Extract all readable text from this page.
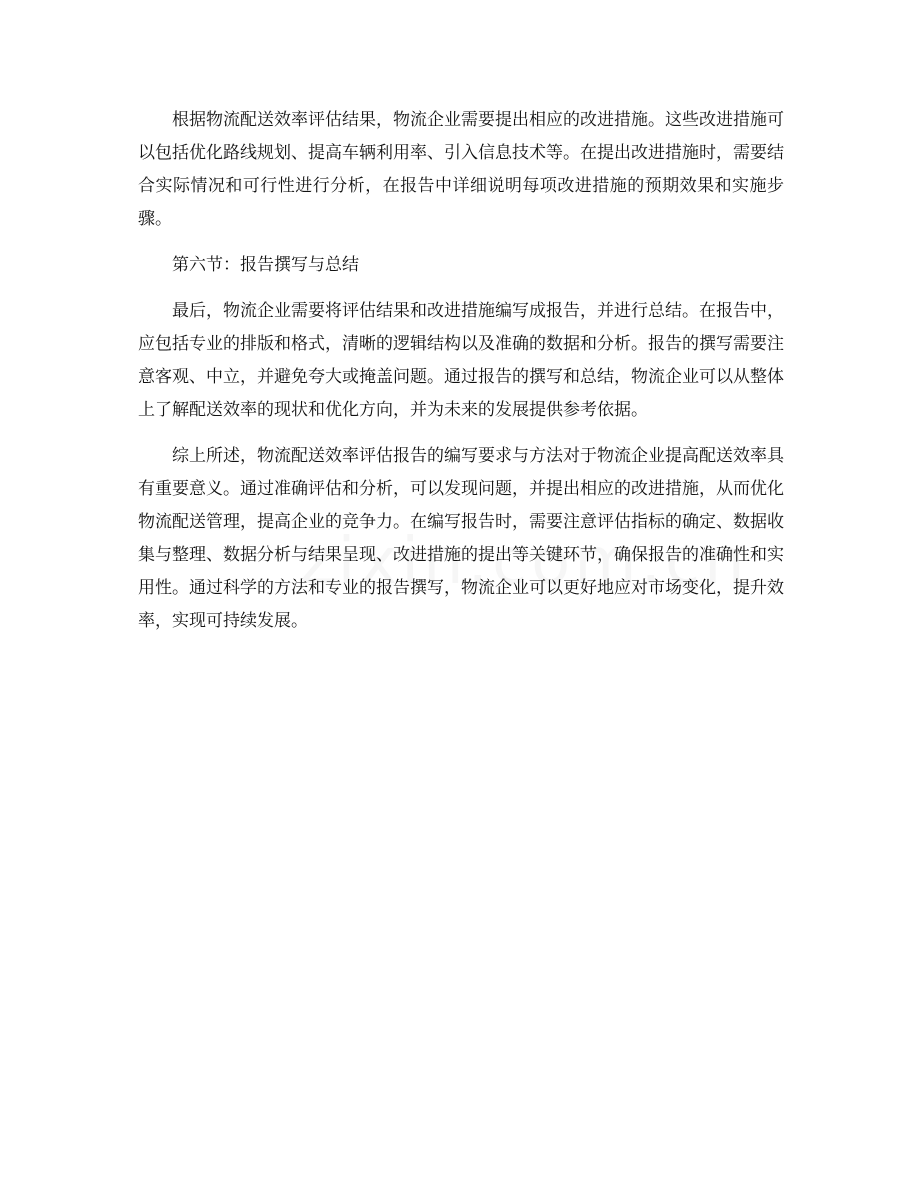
根据物流配送效率评估结果，物流企业需要提出相应的改进措施。这些改进措施可以包括优化路线规划、提高车辆利用率、引入信息技术等。在提出改进措施时，需要结合实际情况和可行性进行分析，在报告中详细说明每项改进措施的预期效果和实施步骤。

第六节：报告撰写与总结

最后，物流企业需要将评估结果和改进措施编写成报告，并进行总结。在报告中，应包括专业的排版和格式，清晰的逻辑结构以及准确的数据和分析。报告的撰写需要注意客观、中立，并避免夸大或掩盖问题。通过报告的撰写和总结，物流企业可以从整体上了解配送效率的现状和优化方向，并为未来的发展提供参考依据。

综上所述，物流配送效率评估报告的编写要求与方法对于物流企业提高配送效率具有重要意义。通过准确评估和分析，可以发现问题，并提出相应的改进措施，从而优化物流配送管理，提高企业的竞争力。在编写报告时，需要注意评估指标的确定、数据收集与整理、数据分析与结果呈现、改进措施的提出等关键环节，确保报告的准确性和实用性。通过科学的方法和专业的报告撰写，物流企业可以更好地应对市场变化，提升效率，实现可持续发展。
